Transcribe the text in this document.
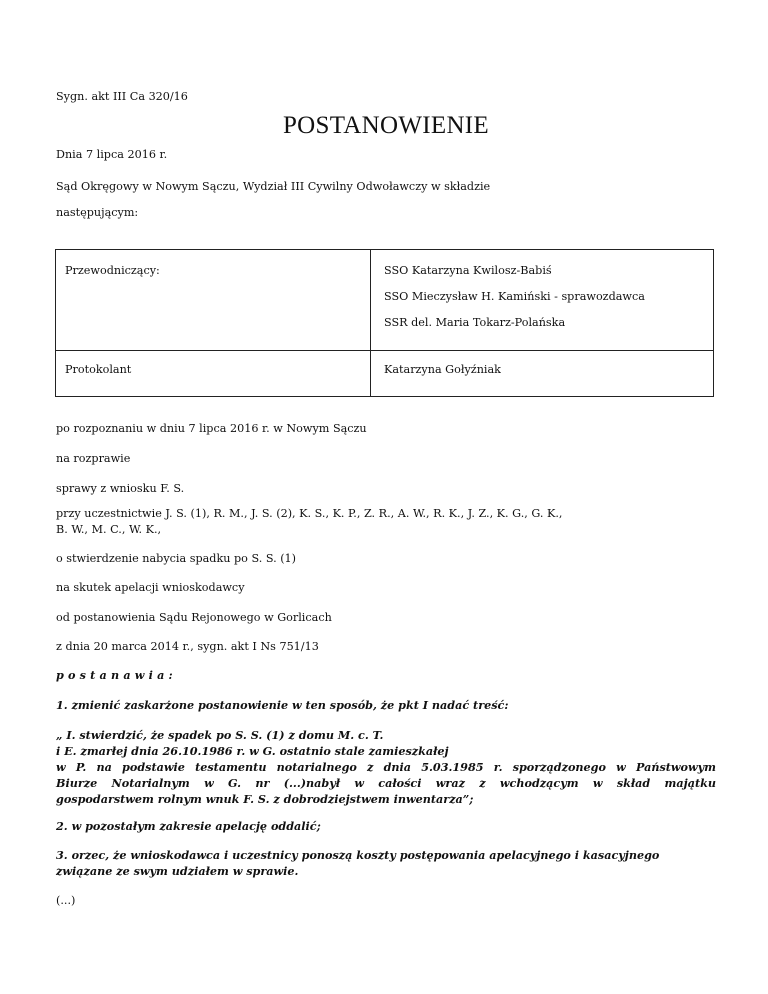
Sygn. akt III Ca 320/16
POSTANOWIENIE
Dnia 7 lipca 2016 r.
Sąd Okręgowy w Nowym Sączu, Wydział III Cywilny Odwoławczy w składzie
następującym:
Przewodniczący:	SSO Katarzyna Kwilosz-Babiś
SSO Mieczysław H. Kamiński - sprawozdawca
SSR del. Maria Tokarz-Polańska

Protokolant	Katarzyna Gołyźniak
po rozpoznaniu w dniu 7 lipca 2016 r. w Nowym Sączu
na rozprawie
sprawy z wniosku F. S.
przy uczestnictwie J. S. (1), R. M., J. S. (2), K. S., K. P., Z. R., A. W., R. K., J. Z., K. G., G. K.,
B. W., M. C., W. K.,
o stwierdzenie nabycia spadku po S. S. (1)
na skutek apelacji wnioskodawcy
od postanowienia Sądu Rejonowego w Gorlicach
z dnia 20 marca 2014 r., sygn. akt I Ns 751/13
postanawia:
1. zmienić zaskarżone postanowienie w ten sposób, że pkt I nadać treść:
„ I. stwierdzić, że spadek po S. S. (1) z domu M. c. T.
i E. zmarłej dnia 26.10.1986 r. w G. ostatnio stale zamieszkałej
w P. na podstawie testamentu notarialnego z dnia 5.03.1985 r. sporządzonego w Państwowym
Biurze Notarialnym w G. nr (...)nabył w całości wraz z wchodzącym w skład majątku
gospodarstwem rolnym wnuk F. S. z dobrodziejstwem inwentarza”;
2. w pozostałym zakresie apelację oddalić;
3. orzec, że wnioskodawca i uczestnicy ponoszą koszty postępowania apelacyjnego i kasacyjnego
związane ze swym udziałem w sprawie.
(...)
